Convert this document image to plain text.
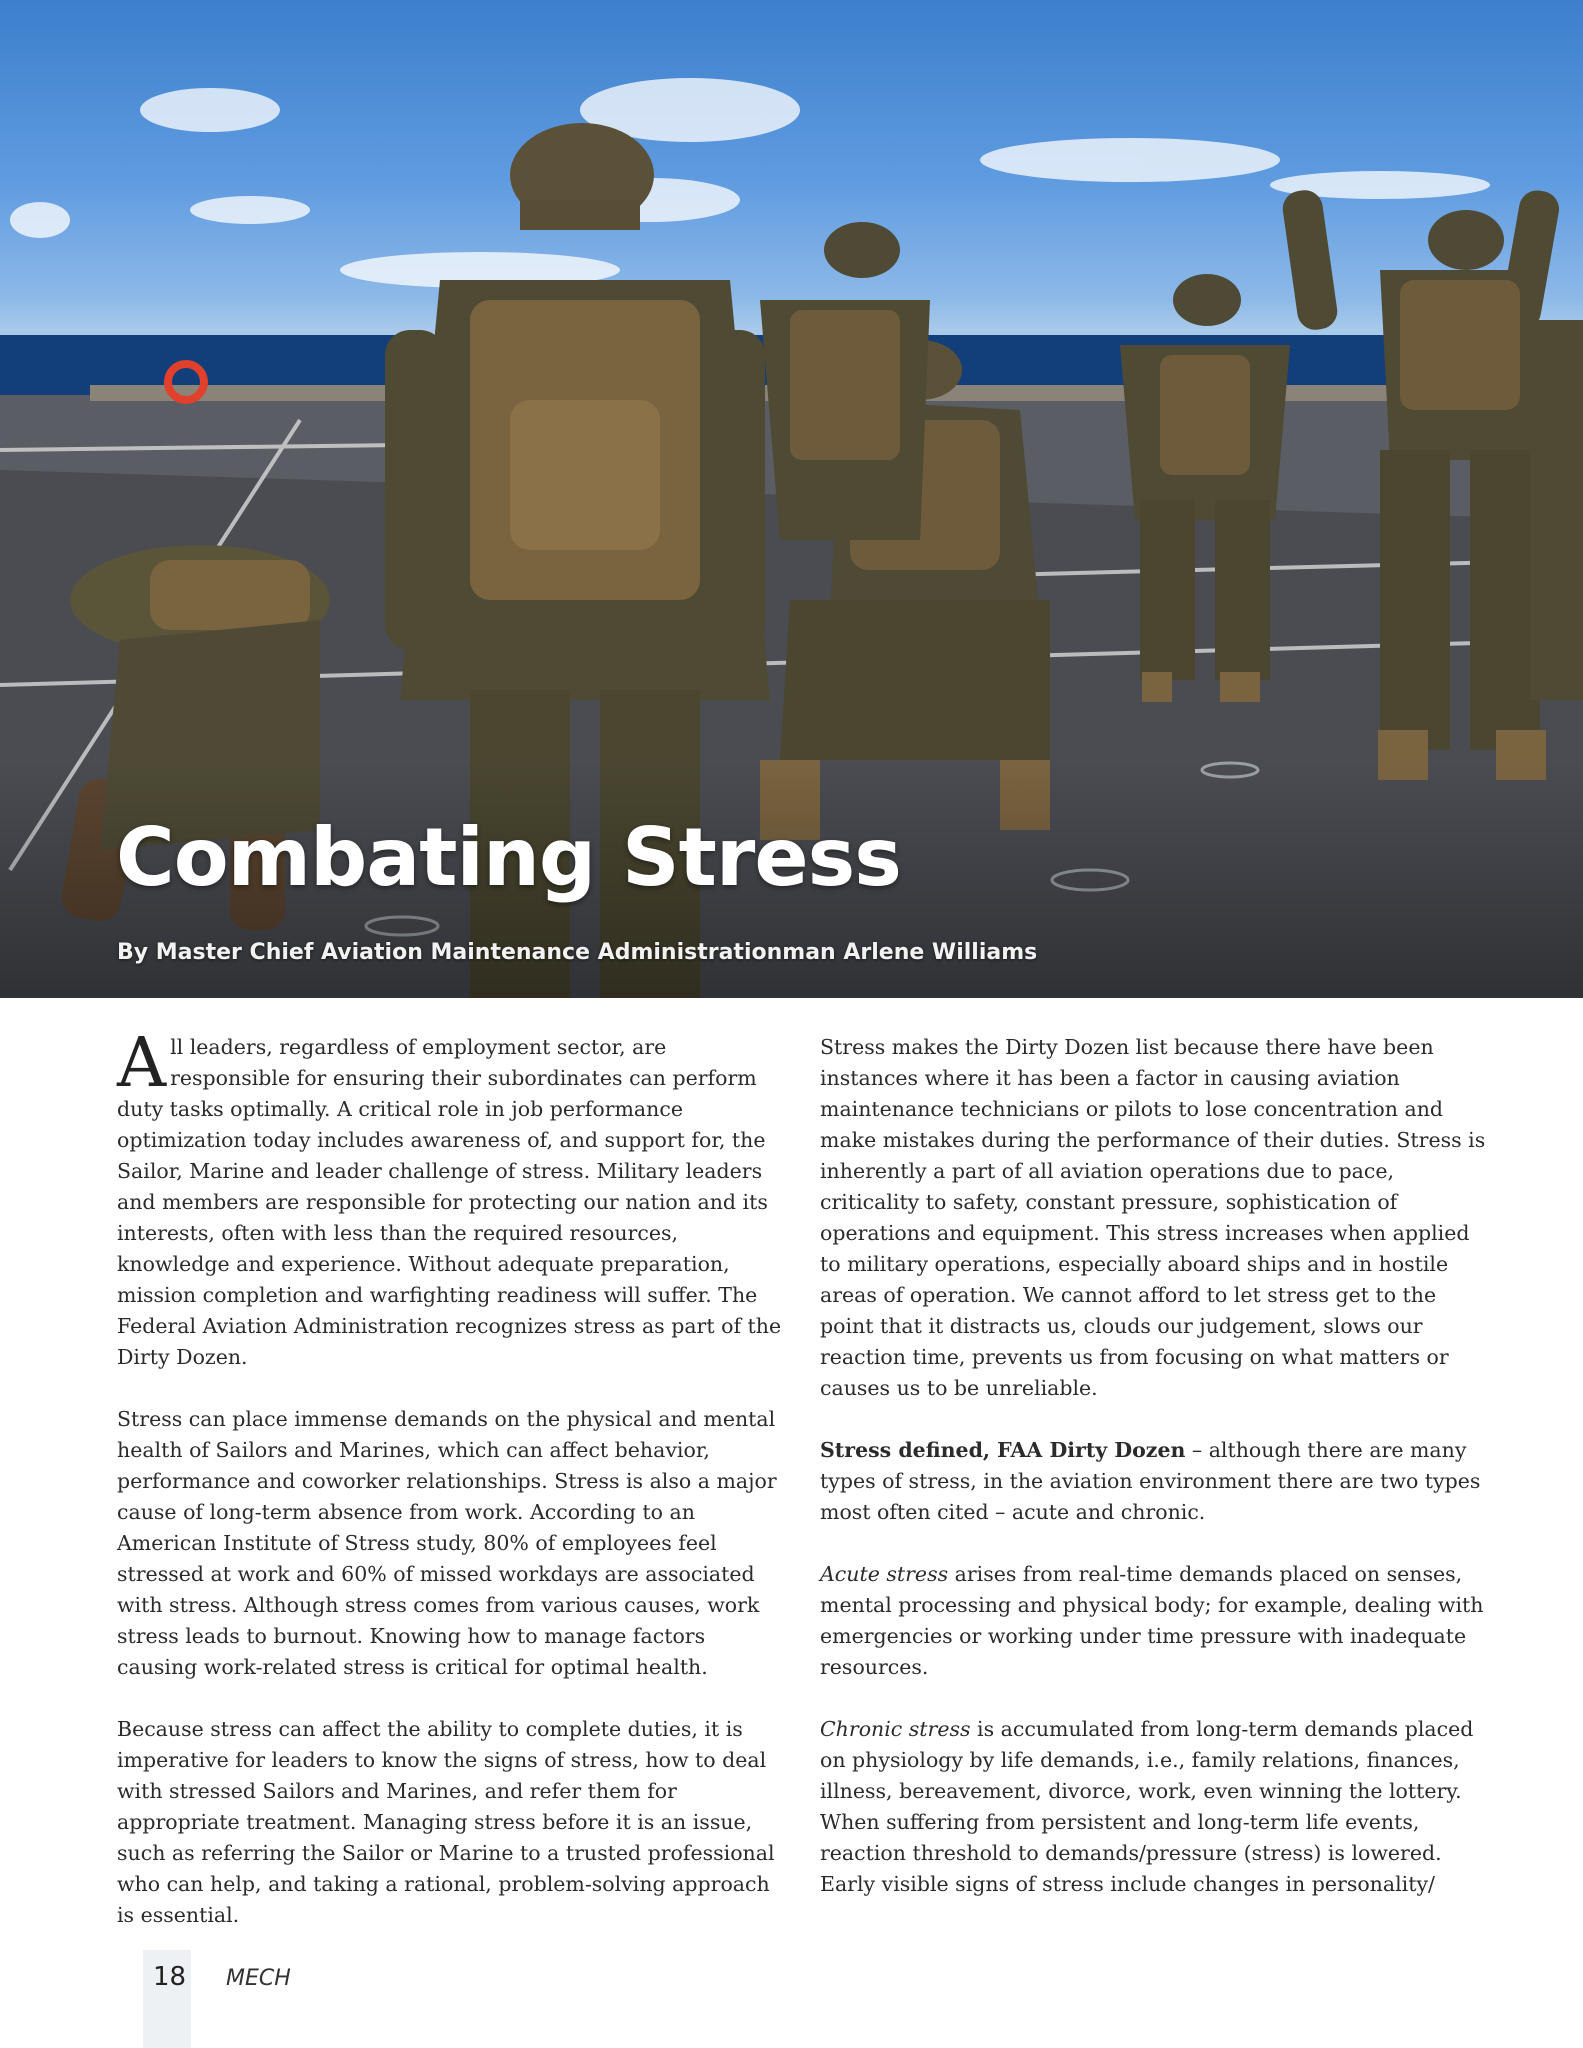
Combating Stress

By Master Chief Aviation Maintenance Administrationman Arlene Williams

All leaders, regardless of employment sector, are responsible for ensuring their subordinates can perform duty tasks optimally. A critical role in job performance optimization today includes awareness of, and support for, the Sailor, Marine and leader challenge of stress. Military leaders and members are responsible for protecting our nation and its interests, often with less than the required resources, knowledge and experience. Without adequate preparation, mission completion and warfighting readiness will suffer. The Federal Aviation Administration recognizes stress as part of the Dirty Dozen.

Stress can place immense demands on the physical and mental health of Sailors and Marines, which can affect behavior, performance and coworker relationships. Stress is also a major cause of long-term absence from work. According to an American Institute of Stress study, 80% of employees feel stressed at work and 60% of missed workdays are associated with stress. Although stress comes from various causes, work stress leads to burnout. Knowing how to manage factors causing work-related stress is critical for optimal health.

Because stress can affect the ability to complete duties, it is imperative for leaders to know the signs of stress, how to deal with stressed Sailors and Marines, and refer them for appropriate treatment. Managing stress before it is an issue, such as referring the Sailor or Marine to a trusted professional who can help, and taking a rational, problem-solving approach is essential.

Stress makes the Dirty Dozen list because there have been instances where it has been a factor in causing aviation maintenance technicians or pilots to lose concentration and make mistakes during the performance of their duties. Stress is inherently a part of all aviation operations due to pace, criticality to safety, constant pressure, sophistication of operations and equipment. This stress increases when applied to military operations, especially aboard ships and in hostile areas of operation. We cannot afford to let stress get to the point that it distracts us, clouds our judgement, slows our reaction time, prevents us from focusing on what matters or causes us to be unreliable.

Stress defined, FAA Dirty Dozen – although there are many types of stress, in the aviation environment there are two types most often cited – acute and chronic.

Acute stress arises from real-time demands placed on senses, mental processing and physical body; for example, dealing with emergencies or working under time pressure with inadequate resources.

Chronic stress is accumulated from long-term demands placed on physiology by life demands, i.e., family relations, finances, illness, bereavement, divorce, work, even winning the lottery. When suffering from persistent and long-term life events, reaction threshold to demands/pressure (stress) is lowered. Early visible signs of stress include changes in personality/

18 MECH
